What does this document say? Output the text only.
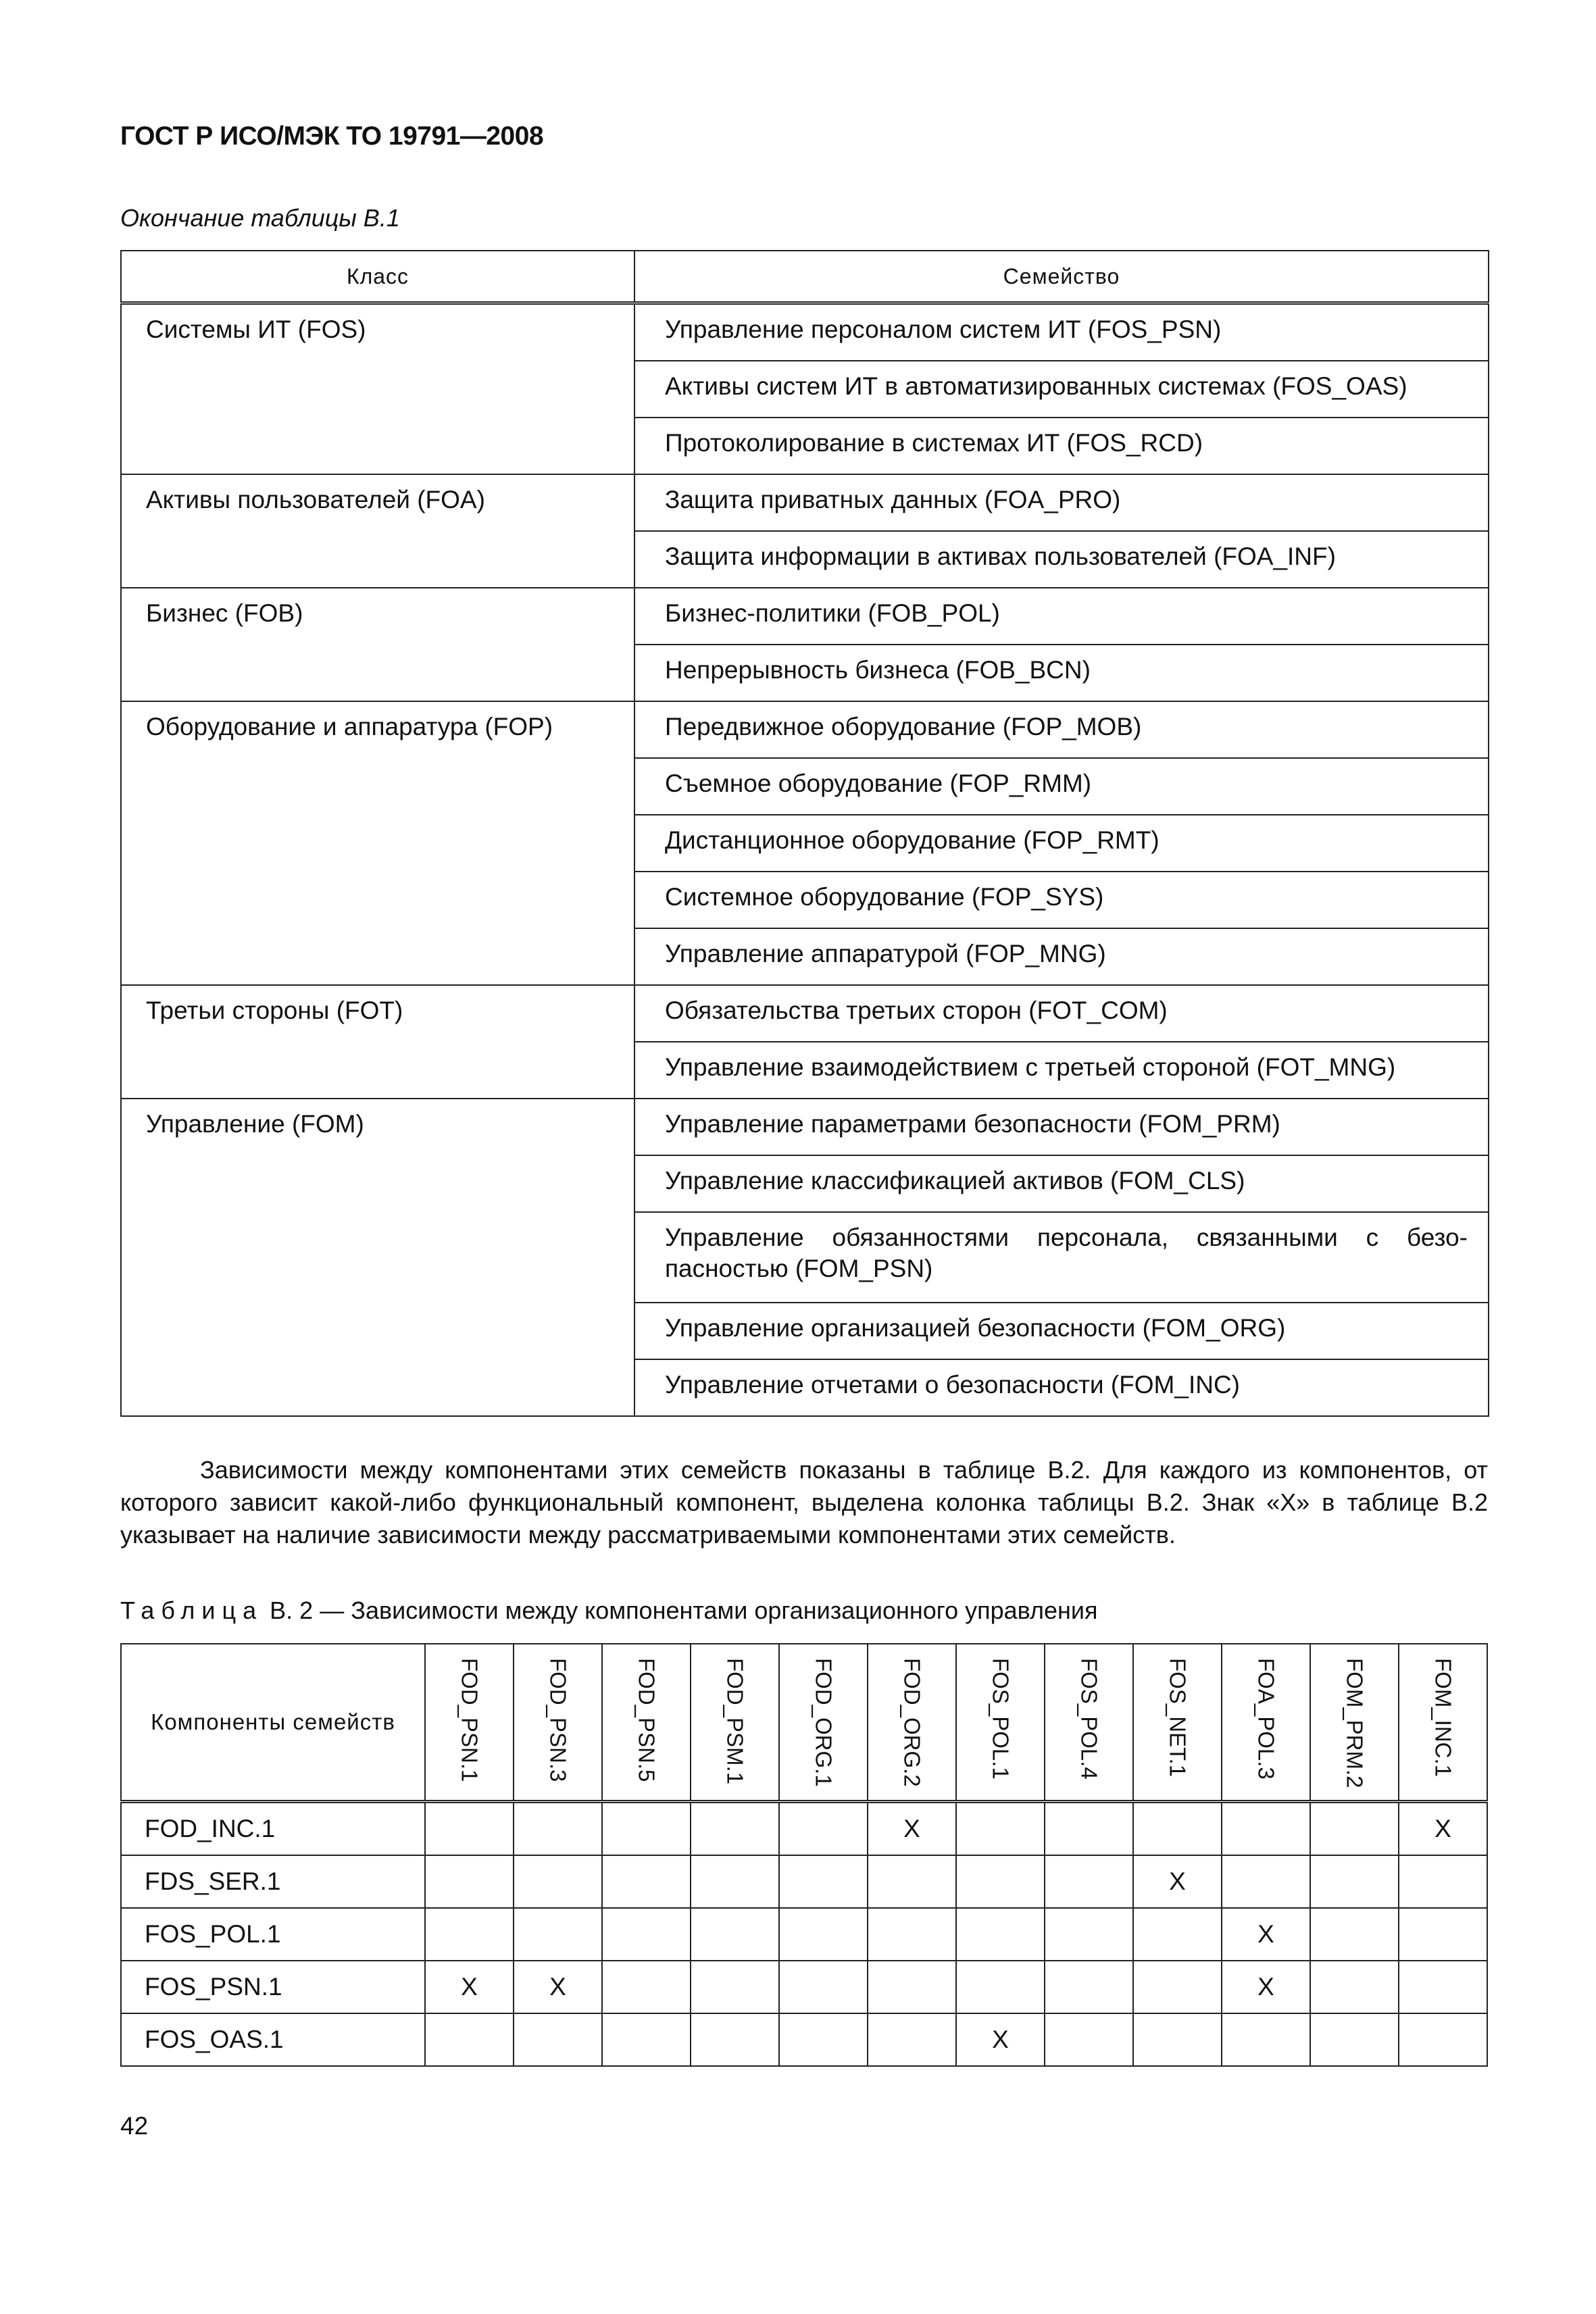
ГОСТ Р ИСО/МЭК ТО 19791—2008
Окончание таблицы В.1
Класс	Семейство
Системы ИТ (FOS)	Управление персоналом систем ИТ (FOS_PSN)
	Активы систем ИТ в автоматизированных системах (FOS_OAS)
	Протоколирование в системах ИТ (FOS_RCD)
Активы пользователей (FOA)	Защита приватных данных (FOA_PRO)
	Защита информации в активах пользователей (FOA_INF)
Бизнес (FOB)	Бизнес-политики (FOB_POL)
	Непрерывность бизнеса (FOB_BCN)
Оборудование и аппаратура (FOP)	Передвижное оборудование (FOP_MOB)
	Съемное оборудование (FOP_RMM)
	Дистанционное оборудование (FOP_RMT)
	Системное оборудование (FOP_SYS)
	Управление аппаратурой (FOP_MNG)
Третьи стороны (FOT)	Обязательства третьих сторон (FOT_COM)
	Управление взаимодействием с третьей стороной (FOT_MNG)
Управление (FOM)	Управление параметрами безопасности (FOM_PRM)
	Управление классификацией активов (FOM_CLS)
	Управление обязанностями персонала, связанными с безо-пасностью (FOM_PSN)
	Управление организацией безопасности (FOM_ORG)
	Управление отчетами о безопасности (FOM_INC)
Зависимости между компонентами этих семейств показаны в таблице В.2. Для каждого из компонентов, от которого зависит какой-либо функциональный компонент, выделена колонка таблицы В.2. Знак «Х» в таблице В.2 указывает на наличие зависимости между рассматриваемыми компонентами этих семейств.
Таблица В. 2 — Зависимости между компонентами организационного управления
Компоненты семейств	FOD_PSN.1	FOD_PSN.3	FOD_PSN.5	FOD_PSM.1	FOD_ORG.1	FOD_ORG.2	FOS_POL.1	FOS_POL.4	FOS_NET.1	FOA_POL.3	FOM_PRM.2	FOM_INC.1

FOD_INC.1						X						X
FDS_SER.1									X			
FOS_POL.1										X		
FOS_PSN.1	X	X								X		
FOS_OAS.1							X					
42
